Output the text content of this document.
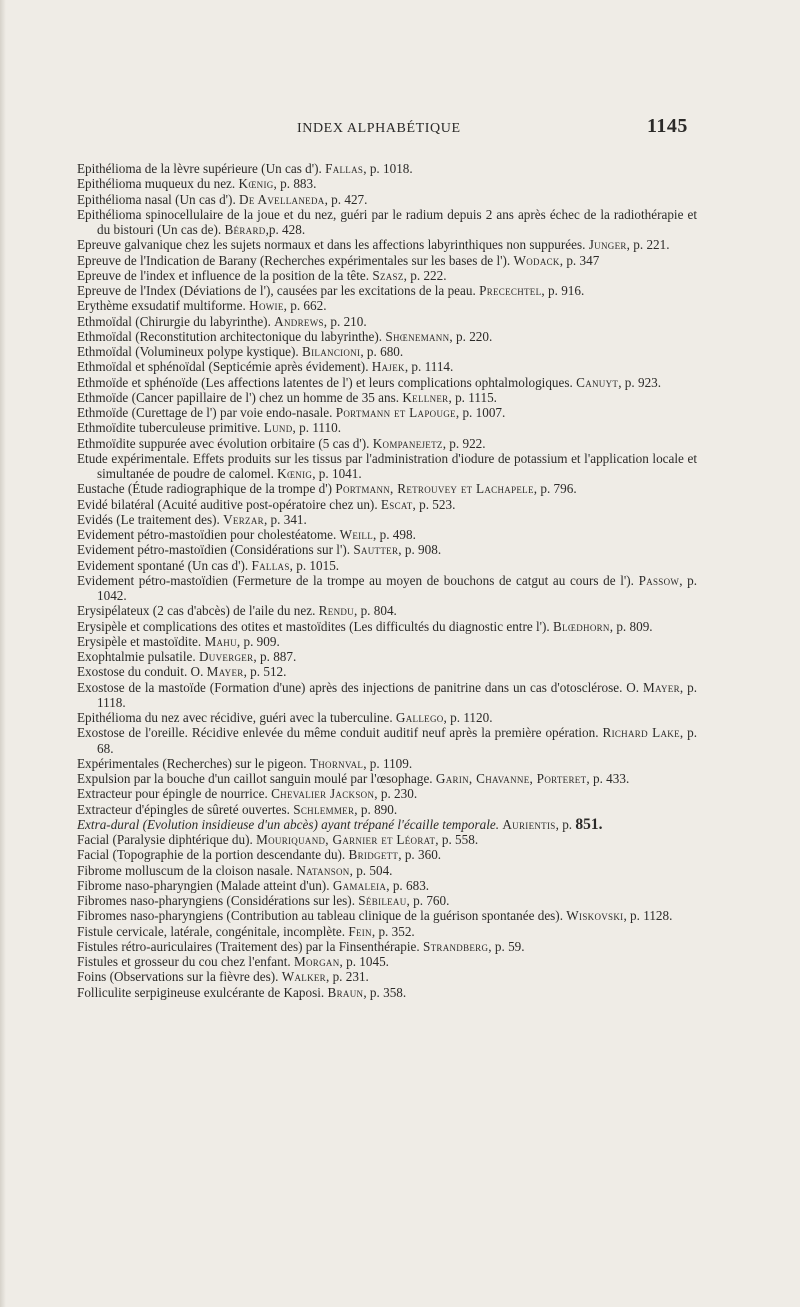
INDEX ALPHABÉTIQUE	1145
Epithélioma de la lèvre supérieure (Un cas d'). Fallas, p. 1018.
Epithélioma muqueux du nez. Kœnig, p. 883.
Epithélioma nasal (Un cas d'). De Avellaneda, p. 427.
Epithélioma spinocellulaire de la joue et du nez, guéri par le radium depuis 2 ans après échec de la radiothérapie et du bistouri (Un cas de). Bérard,p. 428.
Epreuve galvanique chez les sujets normaux et dans les affections labyrinthiques non suppurées. Junger, p. 221.
Epreuve de l'Indication de Barany (Recherches expérimentales sur les bases de l'). Wodack, p. 347
Epreuve de l'index et influence de la position de la tête. Szasz, p. 222.
Epreuve de l'Index (Déviations de l'), causées par les excitations de la peau. Precechtel, p. 916.
Erythème exsudatif multiforme. Howie, p. 662.
Ethmoïdal (Chirurgie du labyrinthe). Andrews, p. 210.
Ethmoïdal (Reconstitution architectonique du labyrinthe). Shœnemann, p. 220.
Ethmoïdal (Volumineux polype kystique). Bilancioni, p. 680.
Ethmoïdal et sphénoïdal (Septicémie après évidement). Hajek, p. 1114.
Ethmoïde et sphénoïde (Les affections latentes de l') et leurs complications ophtalmologiques. Canuyt, p. 923.
Ethmoïde (Cancer papillaire de l') chez un homme de 35 ans. Kellner, p. 1115.
Ethmoïde (Curettage de l') par voie endo-nasale. Portmann et Lapouge, p. 1007.
Ethmoïdite tuberculeuse primitive. Lund, p. 1110.
Ethmoïdite suppurée avec évolution orbitaire (5 cas d'). Kompanejetz, p. 922.
Etude expérimentale. Effets produits sur les tissus par l'administration d'iodure de potassium et l'application locale et simultanée de poudre de calomel. Kœnig, p. 1041.
Eustache (Étude radiographique de la trompe d') Portmann, Retrouvey et Lachapele, p. 796.
Evidé bilatéral (Acuité auditive post-opératoire chez un). Escat, p. 523.
Evidés (Le traitement des). Verzar, p. 341.
Evidement pétro-mastoïdien pour cholestéatome. Weill, p. 498.
Evidement pétro-mastoïdien (Considérations sur l'). Sautter, p. 908.
Evidement spontané (Un cas d'). Fallas, p. 1015.
Evidement pétro-mastoïdien (Fermeture de la trompe au moyen de bouchons de catgut au cours de l'). Passow, p. 1042.
Erysipélateux (2 cas d'abcès) de l'aile du nez. Rendu, p. 804.
Erysipèle et complications des otites et mastoïdites (Les difficultés du diagnostic entre l'). Blœdhorn, p. 809.
Erysipèle et mastoïdite. Mahu, p. 909.
Exophtalmie pulsatile. Duverger, p. 887.
Exostose du conduit. O. Mayer, p. 512.
Exostose de la mastoïde (Formation d'une) après des injections de panitrine dans un cas d'otosclérose. O. Mayer, p. 1118.
Epithélioma du nez avec récidive, guéri avec la tuberculine. Gallego, p. 1120.
Exostose de l'oreille. Récidive enlevée du même conduit auditif neuf après la première opération. Richard Lake, p. 68.
Expérimentales (Recherches) sur le pigeon. Thornval, p. 1109.
Expulsion par la bouche d'un caillot sanguin moulé par l'œsophage. Garin, Chavanne, Porteret, p. 433.
Extracteur pour épingle de nourrice. Chevalier Jackson, p. 230.
Extracteur d'épingles de sûreté ouvertes. Schlemmer, p. 890.
Extra-dural (Evolution insidieuse d'un abcès) ayant trépané l'écaille temporale. Aurientis, p. 851.
Facial (Paralysie diphtérique du). Mouriquand, Garnier et Léorat, p. 558.
Facial (Topographie de la portion descendante du). Bridgett, p. 360.
Fibrome molluscum de la cloison nasale. Natanson, p. 504.
Fibrome naso-pharyngien (Malade atteint d'un). Gamaleia, p. 683.
Fibromes naso-pharyngiens (Considérations sur les). Sébileau, p. 760.
Fibromes naso-pharyngiens (Contribution au tableau clinique de la guérison spontanée des). Wiskovski, p. 1128.
Fistule cervicale, latérale, congénitale, incomplète. Fein, p. 352.
Fistules rétro-auriculaires (Traitement des) par la Finsenthérapie. Strandberg, p. 59.
Fistules et grosseur du cou chez l'enfant. Morgan, p. 1045.
Foins (Observations sur la fièvre des). Walker, p. 231.
Folliculite serpigineuse exulcérante de Kaposi. Braun, p. 358.
